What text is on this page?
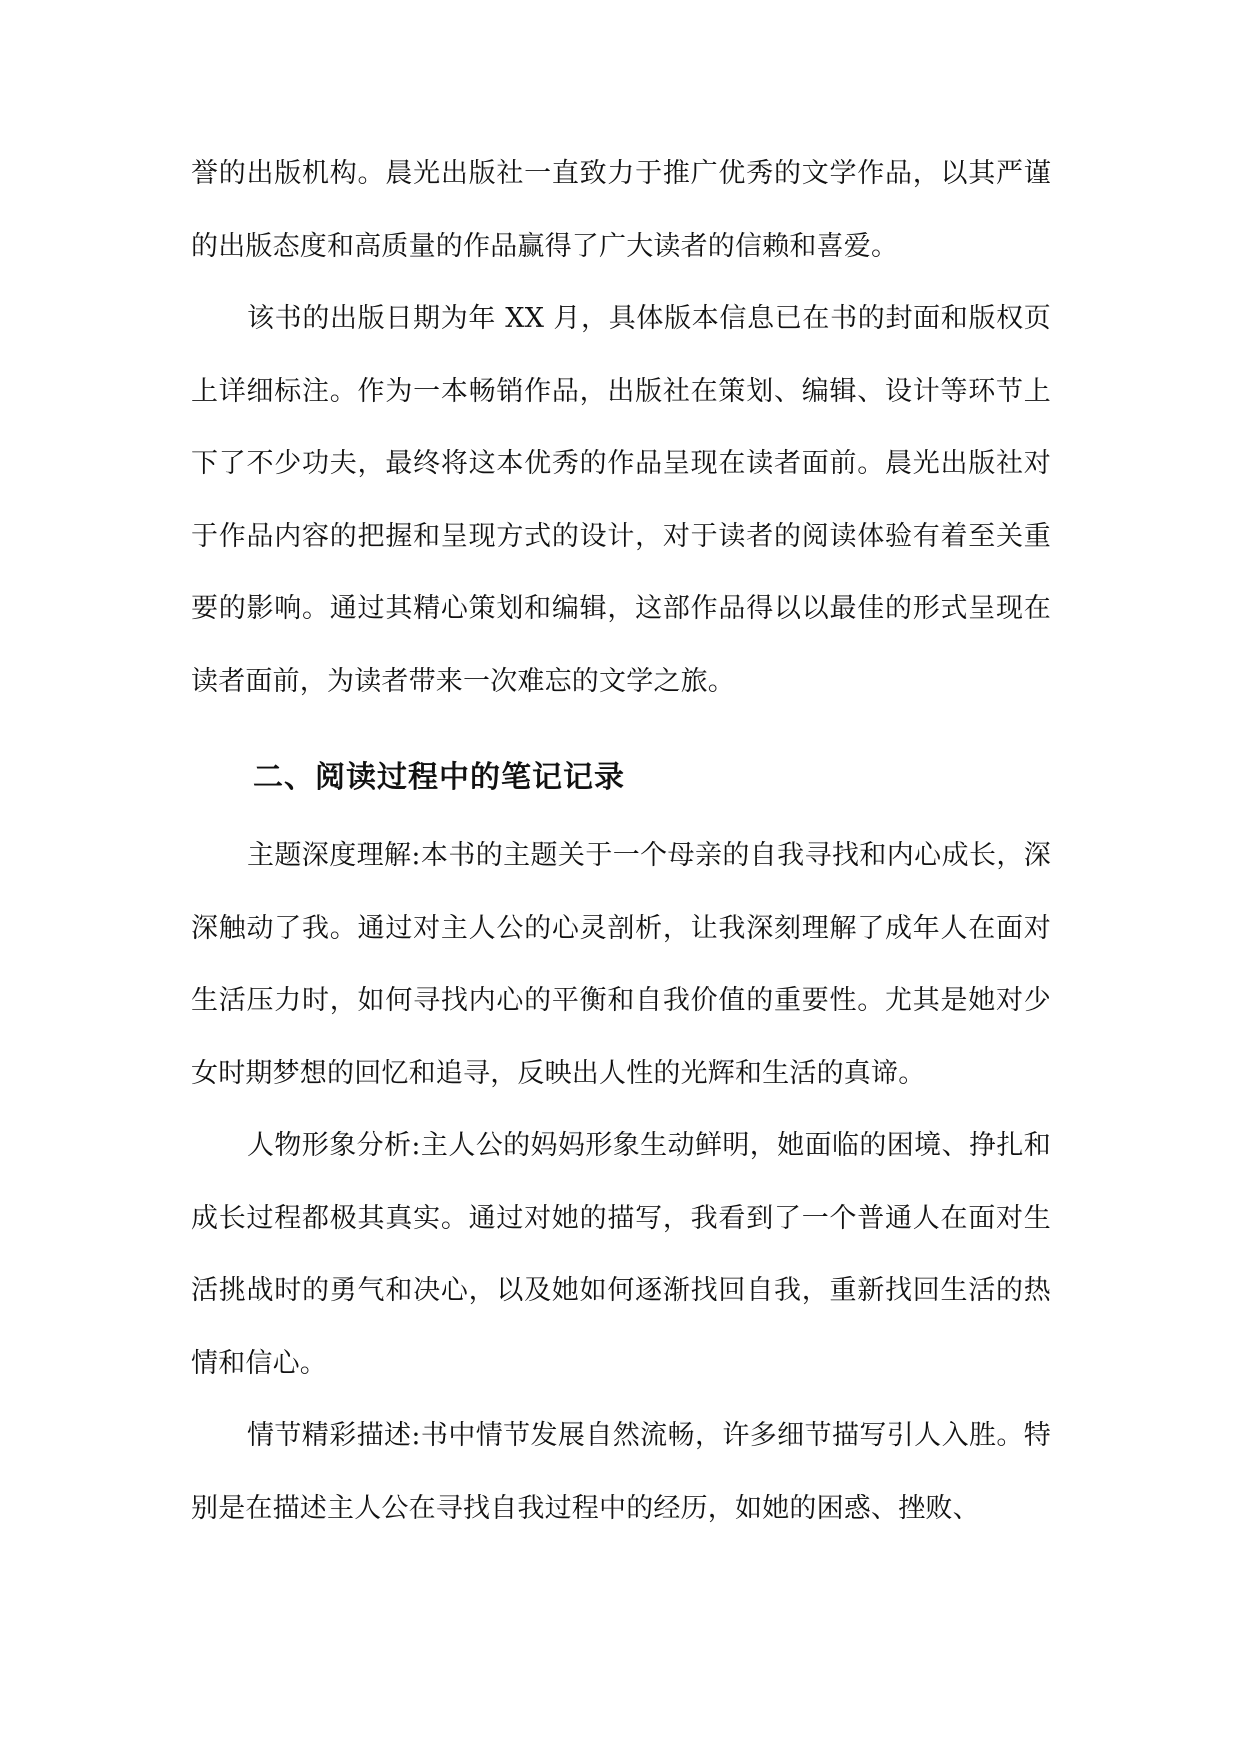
誉的出版机构。晨光出版社一直致力于推广优秀的文学作品，以其严谨的出版态度和高质量的作品赢得了广大读者的信赖和喜爱。

该书的出版日期为年 XX 月，具体版本信息已在书的封面和版权页上详细标注。作为一本畅销作品，出版社在策划、编辑、设计等环节上下了不少功夫，最终将这本优秀的作品呈现在读者面前。晨光出版社对于作品内容的把握和呈现方式的设计，对于读者的阅读体验有着至关重要的影响。通过其精心策划和编辑，这部作品得以以最佳的形式呈现在读者面前，为读者带来一次难忘的文学之旅。

二、阅读过程中的笔记记录

主题深度理解:本书的主题关于一个母亲的自我寻找和内心成长，深深触动了我。通过对主人公的心灵剖析，让我深刻理解了成年人在面对生活压力时，如何寻找内心的平衡和自我价值的重要性。尤其是她对少女时期梦想的回忆和追寻，反映出人性的光辉和生活的真谛。

人物形象分析:主人公的妈妈形象生动鲜明，她面临的困境、挣扎和成长过程都极其真实。通过对她的描写，我看到了一个普通人在面对生活挑战时的勇气和决心，以及她如何逐渐找回自我，重新找回生活的热情和信心。

情节精彩描述:书中情节发展自然流畅，许多细节描写引人入胜。特别是在描述主人公在寻找自我过程中的经历，如她的困惑、挫败、
